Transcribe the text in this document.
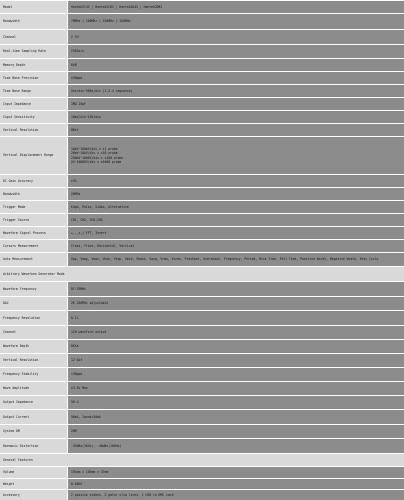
Model	Hantek2C42 | Hantek2C62 | Hantek2D42 | Hantek2D82
Bandwidth	70MHz | 100MHz | 250MHz | 150MHz
Channel	2 CH
Real-time Sampling Rate	250Sa/s
Memory Depth	6kB
Time Base Precision	±50ppm
Time Base Range	5ns/div~500s/div (1-2-4 sequence)
Input Impedance	1MΩ 25pF
Input Sensitivity	10mV/div~10V/div
Vertical Resolution	8Bit
Vertical Displacement Range
10mV~100mV/div ± x1 probe
20mV~100V/div ± x10 probe
200mV~1000V/div ± x100 probe
2V~10000V/div ± x1000 probe
DC Gain Accuracy	±3%
Bandwidth	20MHz
Trigger Mode	Edge, Pulse, Video, Alternative
Trigger Source	CH1, CH2, CH3,CH4
Waveform Signal Process	+,-,x,/,FFT, Invert
Cursors Measurement	Cross, Trace, Horizontal, Vertical
Auto Measurement	Vpp, Vamp, Vmax, Vmin, Vtop, Vmid, Vbase, Vavg, Vrms, Vcrms, Preshoot, Overshoot, Frequency, Period, Rise Time, Fall Time, Positive Width, Negative Width, Duty Cycle
Arbitrary Waveform Generator Mode
Waveform Frequency	DC~25MHz
DAC	2K 200MHz adjustable
Frequency Resolution	0.1%
Channel	1CH waveform output
Waveform Depth	8KSa
Vertical Resolution	12 bit
Frequency Stability	<30ppm
Wave Amplitude	±3.5V Max
Output Impedance	50 Ω
Output Current	50mA, Ipeak=50mA
System DM	20M
Harmonic Distortion	-55dBc(1KHz), -40dBc(100Hz)
General Features
Volume	191mm × 105mm × 37mm
Weight	0.65KG
Accessory	2 passive probes, 2 gator clip lines, 1 USB to DMC cord
